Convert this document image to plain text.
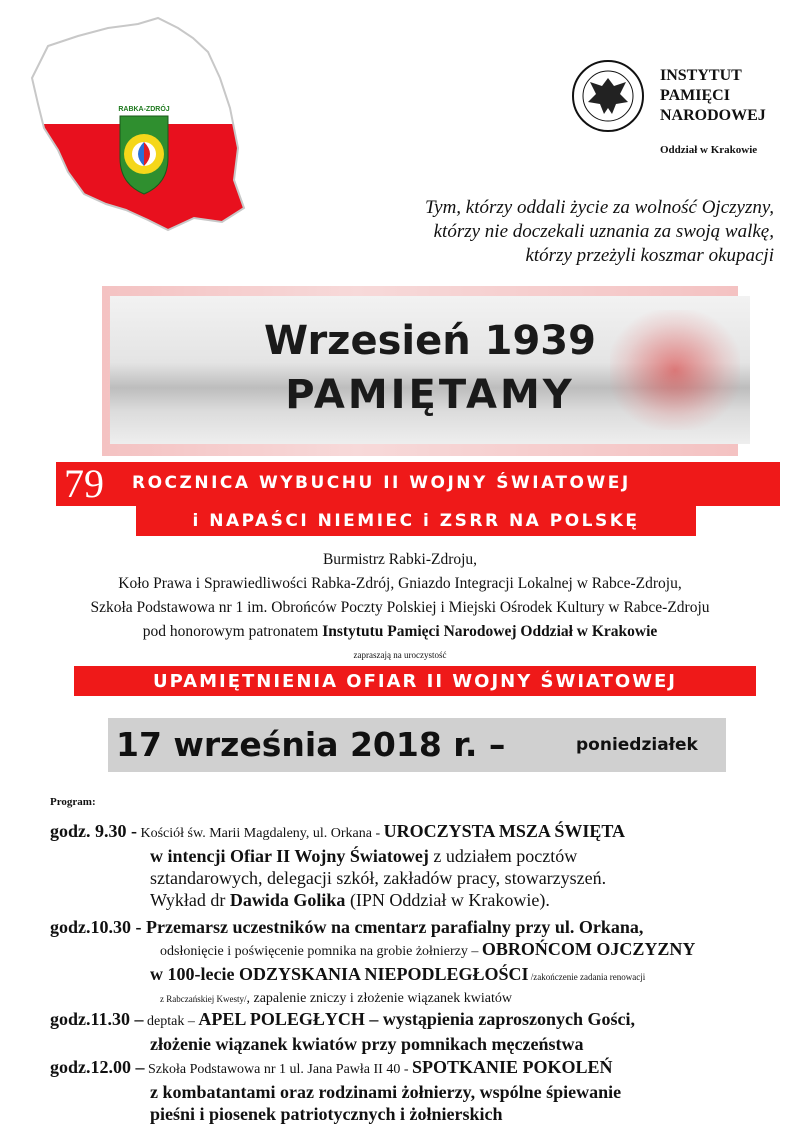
RABKA-ZDRÓJ
INSTYTUT
PAMIĘCI
NARODOWEJ
Oddział w Krakowie
Tym, którzy oddali życie za wolność Ojczyzny,
którzy nie doczekali uznania za swoją walkę,
którzy przeżyli koszmar okupacji
Wrzesień 1939
PAMIĘTAMY
79 ROCZNICA WYBUCHU II WOJNY ŚWIATOWEJ
i NAPAŚCI NIEMIEC i ZSRR NA POLSKĘ
Burmistrz Rabki-Zdroju,
Koło Prawa i Sprawiedliwości Rabka-Zdrój, Gniazdo Integracji Lokalnej w Rabce-Zdroju,
Szkoła Podstawowa nr 1 im. Obrońców Poczty Polskiej i Miejski Ośrodek Kultury w Rabce-Zdroju
pod honorowym patronatem Instytutu Pamięci Narodowej Oddział w Krakowie
zapraszają na uroczystość
UPAMIĘTNIENIA OFIAR II WOJNY ŚWIATOWEJ
17 września 2018 r. –	poniedziałek
Program:
godz. 9.30 - Kościół św. Marii Magdaleny, ul. Orkana - UROCZYSTA MSZA ŚWIĘTA
w intencji Ofiar II Wojny Światowej z udziałem pocztów
sztandarowych, delegacji szkół, zakładów pracy, stowarzyszeń.
Wykład dr Dawida Golika (IPN Oddział w Krakowie).
godz.10.30 - Przemarsz uczestników na cmentarz parafialny przy ul. Orkana,
odsłonięcie i poświęcenie pomnika na grobie żołnierzy – OBROŃCOM OJCZYZNY
w 100-lecie ODZYSKANIA NIEPODLEGŁOŚCI /zakończenie zadania renowacji
z Rabczańskiej Kwesty/, zapalenie zniczy i złożenie wiązanek kwiatów
godz.11.30 – deptak – APEL POLEGŁYCH – wystąpienia zaproszonych Gości,
złożenie wiązanek kwiatów przy pomnikach męczeństwa
godz.12.00 – Szkoła Podstawowa nr 1 ul. Jana Pawła II 40 - SPOTKANIE POKOLEŃ
z kombatantami oraz rodzinami żołnierzy, wspólne śpiewanie
pieśni i piosenek patriotycznych i żołnierskich
